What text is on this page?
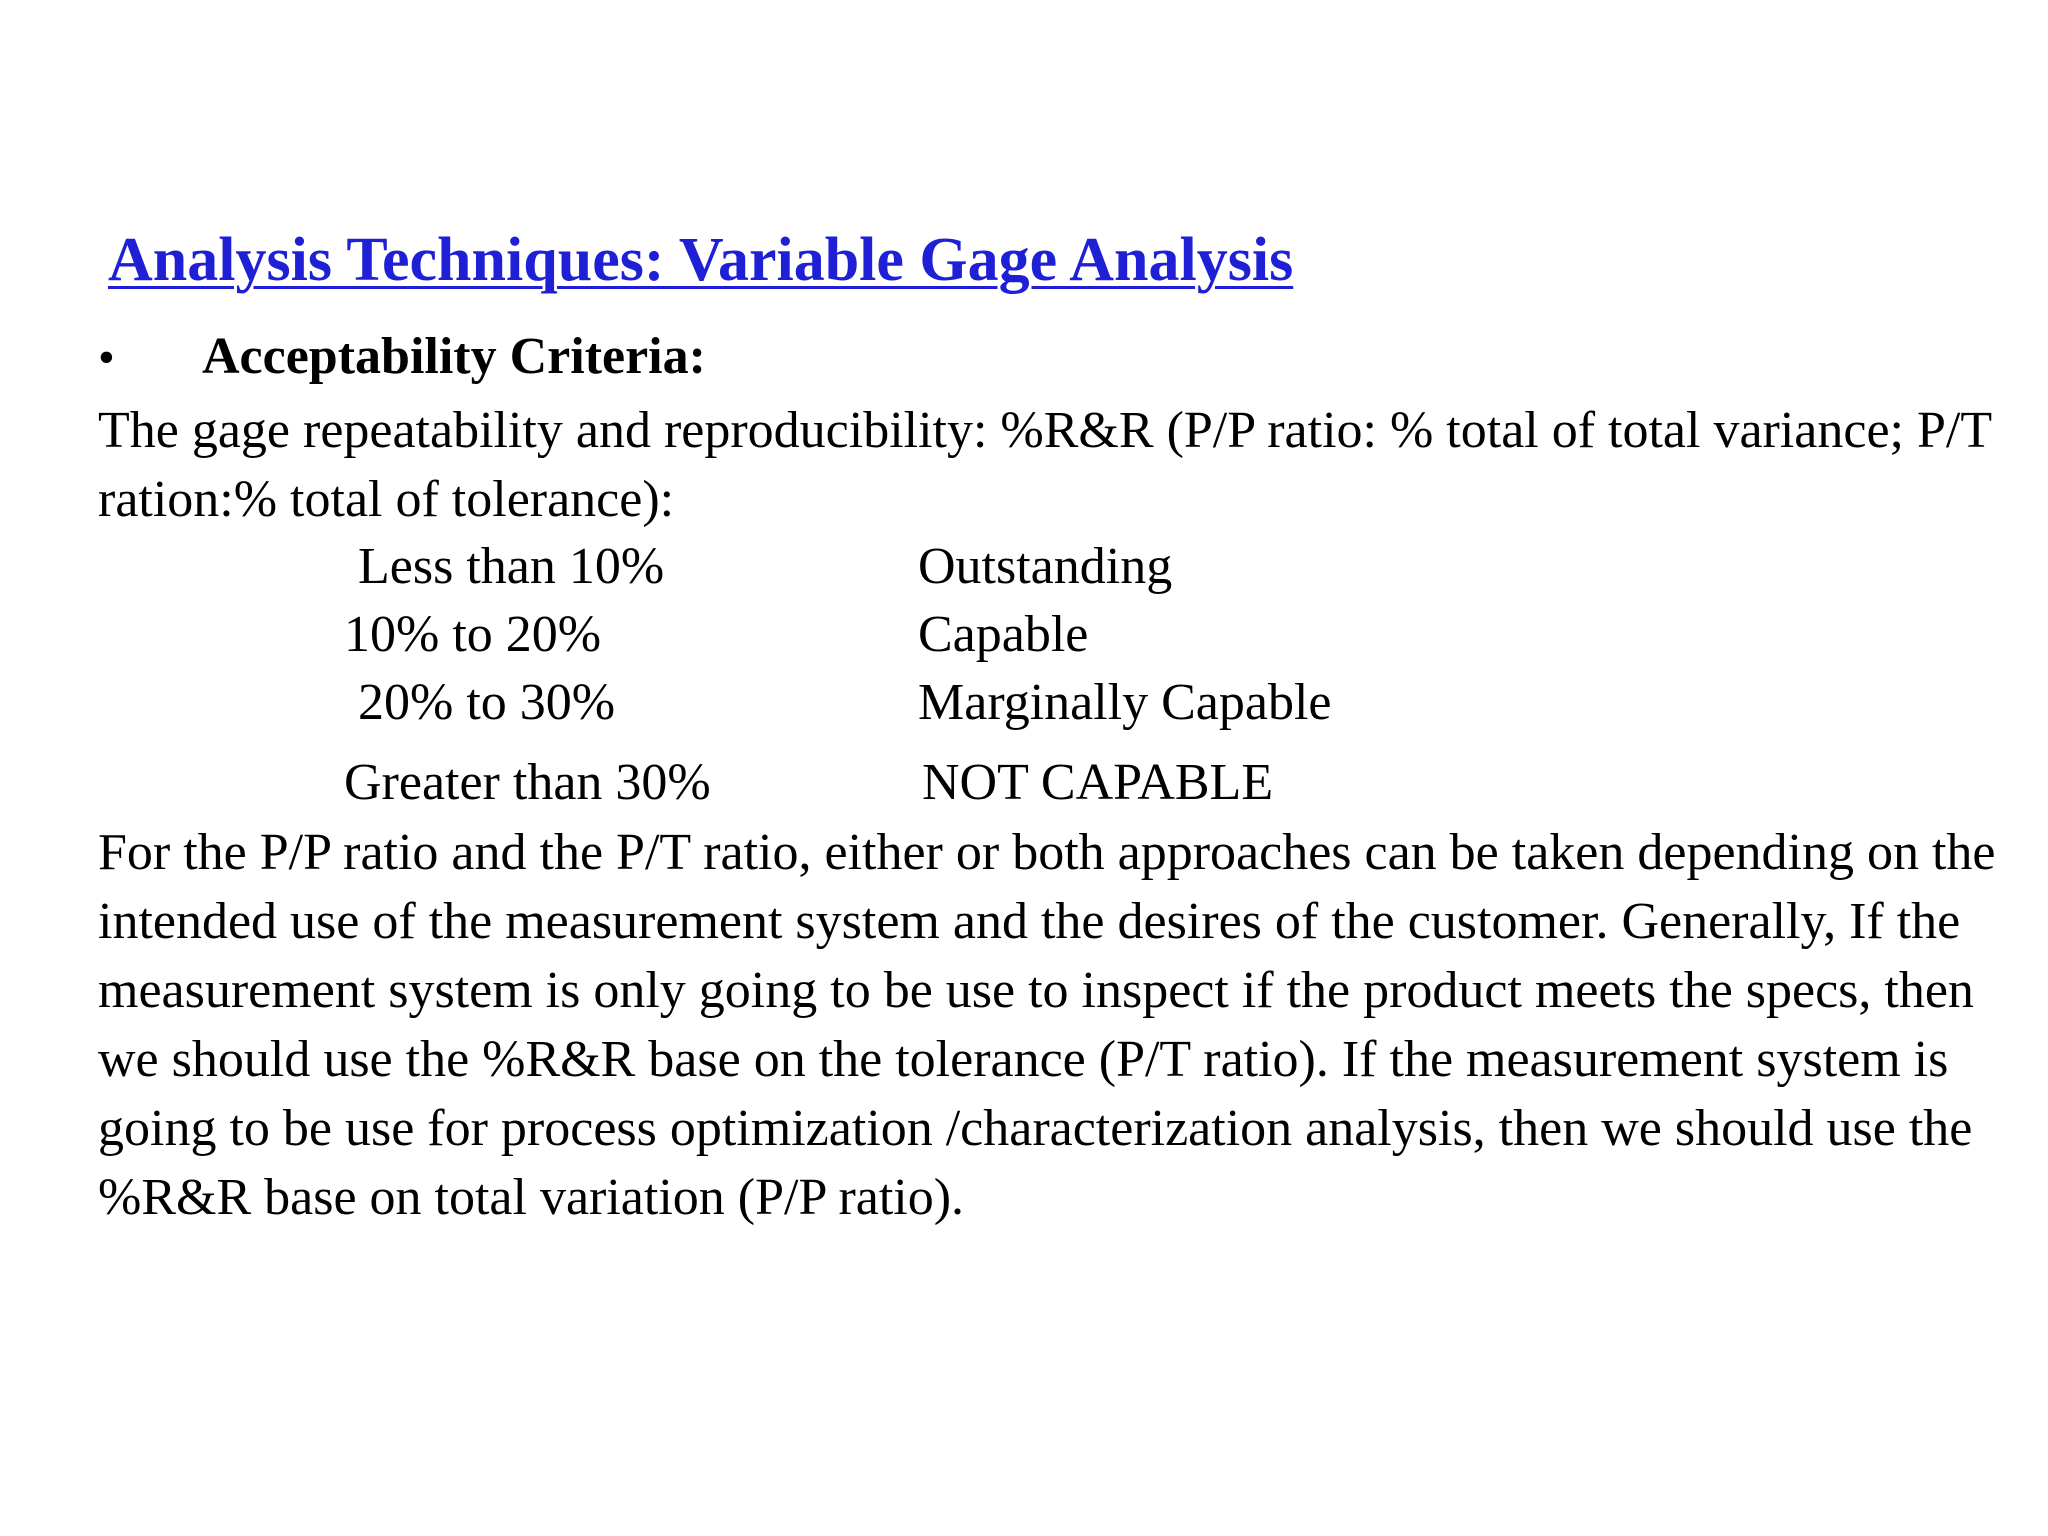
Analysis Techniques: Variable Gage Analysis
• Acceptability Criteria:
The gage repeatability and reproducibility: %R&R (P/P ratio: % total of total variance; P/T ration:% total of tolerance):
Less than 10%	Outstanding
10% to 20%	Capable
20% to 30%	Marginally Capable
Greater than 30%	NOT CAPABLE
For the P/P ratio and the P/T ratio, either or both approaches can be taken depending on the intended use of the measurement system and the desires of the customer. Generally, If the measurement system is only going to be use to inspect if the product meets the specs, then we should use the %R&R base on the tolerance (P/T ratio). If the measurement system is going to be use for process optimization /characterization analysis, then we should use the %R&R base on total variation (P/P ratio).
